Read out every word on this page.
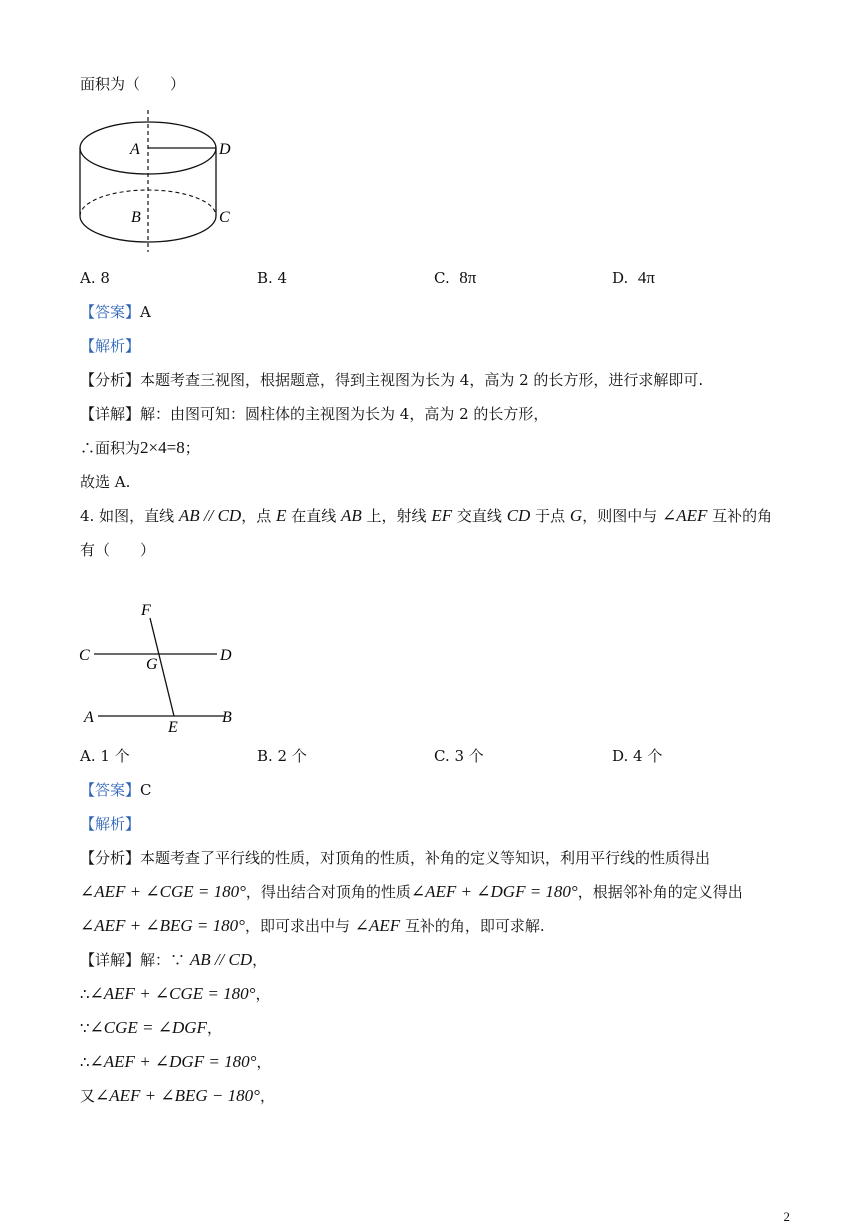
面积为（　　）
A	D
B	C
A. 8	B. 4	C. 8π	D. 4π
【答案】A
【解析】
【分析】本题考查三视图，根据题意，得到主视图为长为 4，高为 2 的长方形，进行求解即可.
【详解】解：由图可知：圆柱体的主视图为长为 4，高为 2 的长方形，
∴面积为2×4=8；
故选 A.
4. 如图，直线 AB // CD，点 E 在直线 AB 上，射线 EF 交直线 CD 于点 G，则图中与 ∠AEF 互补的角
有（　　）
F
C
G
D
A
E
B
A. 1 个	B. 2 个	C. 3 个	D. 4 个
【答案】C
【解析】
【分析】本题考查了平行线的性质，对顶角的性质，补角的定义等知识，利用平行线的性质得出
∠AEF + ∠CGE = 180°，得出结合对顶角的性质∠AEF + ∠DGF = 180°，根据邻补角的定义得出
∠AEF + ∠BEG = 180°，即可求出中与 ∠AEF 互补的角，即可求解.
【详解】解：∵ AB // CD，
∴∠AEF + ∠CGE = 180°，
∵∠CGE = ∠DGF，
∴∠AEF + ∠DGF = 180°，
又∠AEF + ∠BEG − 180°，
2
